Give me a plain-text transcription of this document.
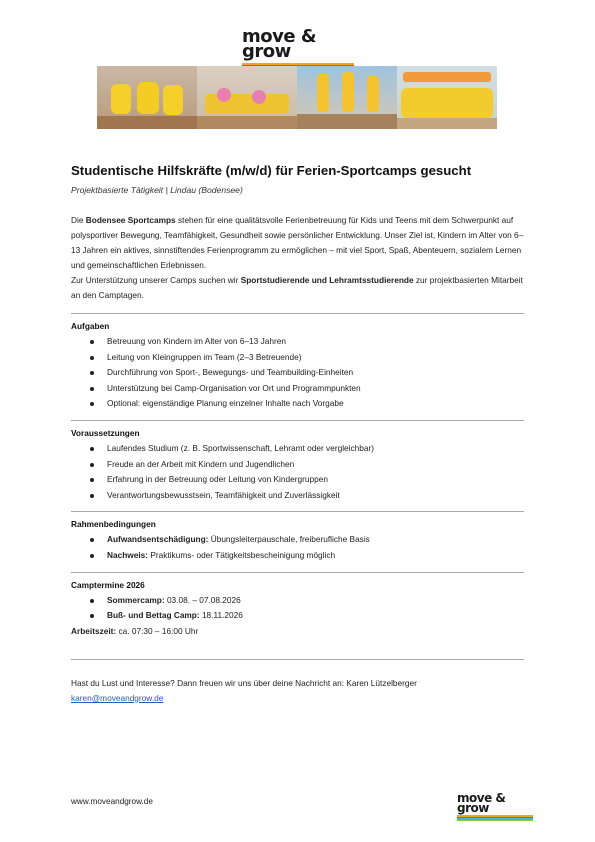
move &
grow
Studentische Hilfskräfte (m/w/d) für Ferien-Sportcamps gesucht
Projektbasierte Tätigkeit | Lindau (Bodensee)

Die Bodensee Sportcamps stehen für eine qualitätsvolle Ferienbetreuung für Kids und Teens mit dem Schwerpunkt auf polysportiver Bewegung, Teamfähigkeit, Gesundheit sowie persönlicher Entwicklung. Unser Ziel ist, Kindern im Alter von 6–13 Jahren ein aktives, sinnstiftendes Ferienprogramm zu ermöglichen – mit viel Sport, Spaß, Abenteuern, sozialem Lernen und gemeinschaftlichen Erlebnissen.

Zur Unterstützung unserer Camps suchen wir Sportstudierende und Lehramtsstudierende zur projektbasierten Mitarbeit an den Camptagen.

Aufgaben
Betreuung von Kindern im Alter von 6–13 Jahren
Leitung von Kleingruppen im Team (2–3 Betreuende)
Durchführung von Sport-, Bewegungs- und Teambuilding-Einheiten
Unterstützung bei Camp-Organisation vor Ort und Programmpunkten
Optional: eigenständige Planung einzelner Inhalte nach Vorgabe
Voraussetzungen
Laufendes Studium (z. B. Sportwissenschaft, Lehramt oder vergleichbar)
Freude an der Arbeit mit Kindern und Jugendlichen
Erfahrung in der Betreuung oder Leitung von Kindergruppen
Verantwortungsbewusstsein, Teamfähigkeit und Zuverlässigkeit
Rahmenbedingungen
Aufwandsentschädigung: Übungsleiterpauschale, freiberufliche Basis
Nachweis: Praktikums- oder Tätigkeitsbescheinigung möglich
Camptermine 2026
Sommercamp: 03.08. – 07.08.2026
Buß- und Bettag Camp: 18.11.2026
Arbeitszeit: ca. 07:30 – 16:00 Uhr
Hast du Lust und Interesse? Dann freuen wir uns über deine Nachricht an: Karen Lützelberger
karen@moveandgrow.de
www.moveandgrow.de	move &
grow
